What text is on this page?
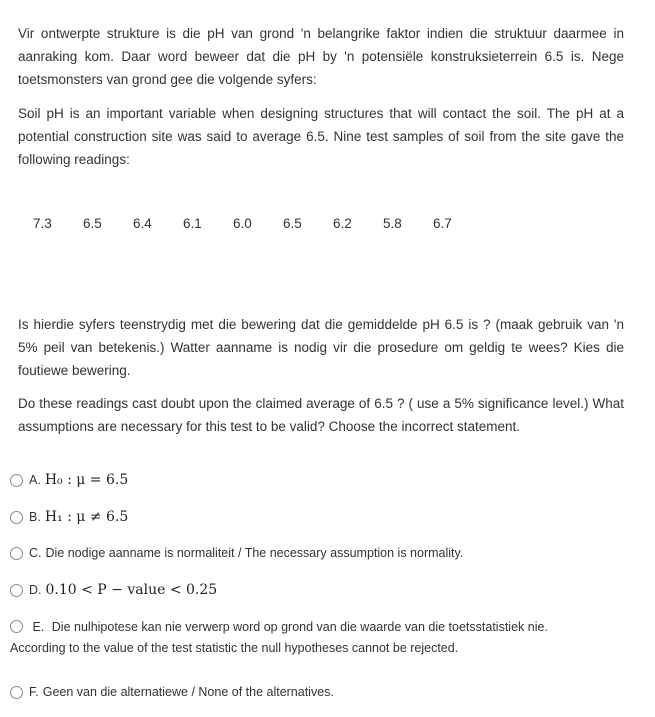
Vir ontwerpte strukture is die pH van grond 'n belangrike faktor indien die struktuur daarmee in aanraking kom. Daar word beweer dat die pH by 'n potensiële konstruksieterrein 6.5 is. Nege toetsmonsters van grond gee die volgende syfers:

Soil pH is an important variable when designing structures that will contact the soil. The pH at a potential construction site was said to average 6.5. Nine test samples of soil from the site gave the following readings:

7.3	6.5	6.4	6.1	6.0	6.5	6.2	5.8	6.7

Is hierdie syfers teenstrydig met die bewering dat die gemiddelde pH 6.5 is ? (maak gebruik van 'n 5% peil van betekenis.) Watter aanname is nodig vir die prosedure om geldig te wees? Kies die foutiewe bewering.

Do these readings cast doubt upon the claimed average of 6.5 ? ( use a 5% significance level.) What assumptions are necessary for this test to be valid? Choose the incorrect statement.

A. H₀ : μ = 6.5
B. H₁ : μ ≠ 6.5
C. Die nodige aanname is normaliteit / The necessary assumption is normality.
D. 0.10 < P − value < 0.25
E. Die nulhipotese kan nie verwerp word op grond van die waarde van die toetsstatistiek nie.
According to the value of the test statistic the null hypotheses cannot be rejected.
F. Geen van die alternatiewe / None of the alternatives.
